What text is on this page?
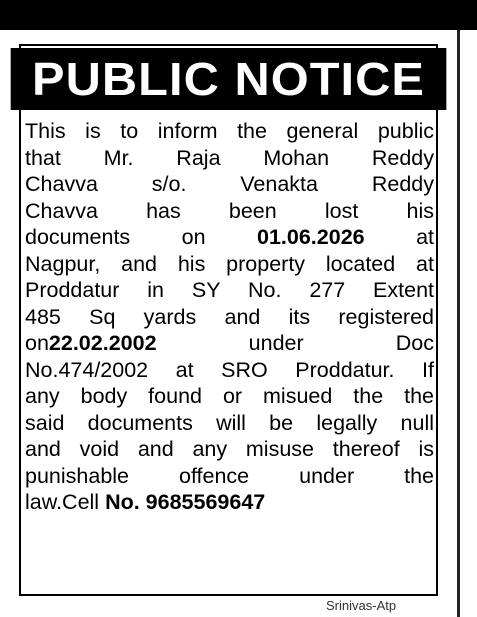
PUBLIC NOTICE
This is to inform the general public
that Mr. Raja Mohan Reddy
Chavva s/o. Venakta Reddy
Chavva has been lost his
documents on 01.06.2026 at
Nagpur, and his property located at
Proddatur in SY No. 277 Extent
485 Sq yards and its registered
on22.02.2002 under Doc
No.474/2002 at SRO Proddatur. If
any body found or misued the the
said documents will be legally null
and void and any misuse thereof is
punishable offence under the
law.Cell No. 9685569647
Srinivas-Atp
